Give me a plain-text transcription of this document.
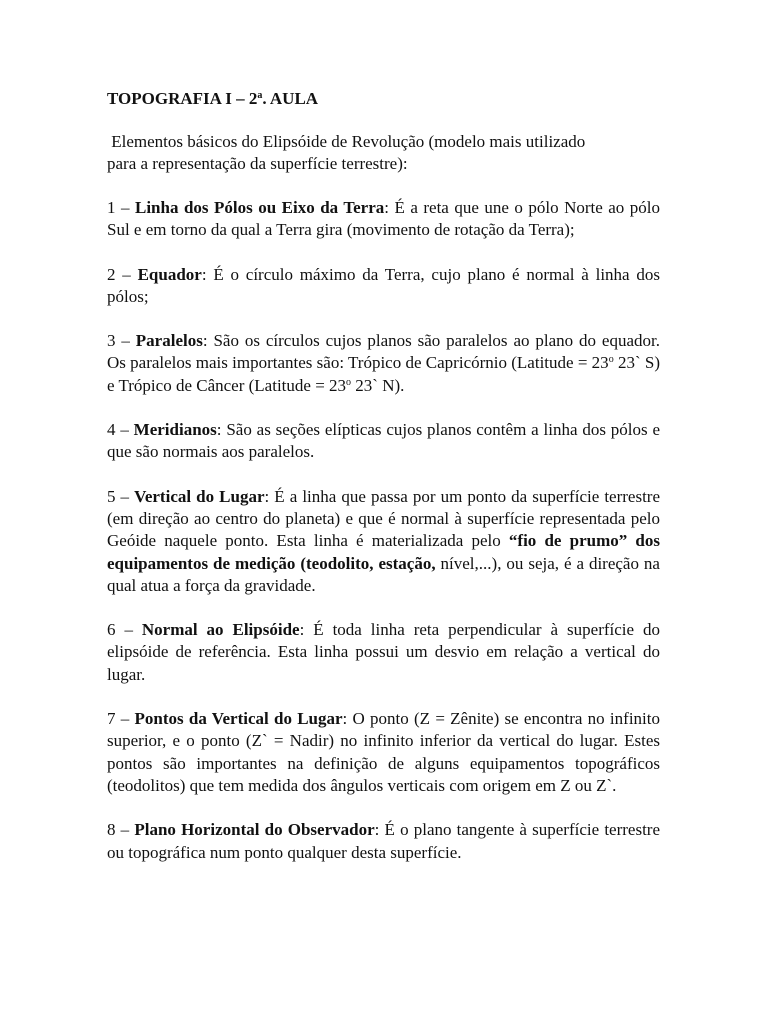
TOPOGRAFIA I – 2$^a$. AULA

Elementos básicos do Elipsóide de Revolução (modelo mais utilizado
para a representação da superfície terrestre):

1 – Linha dos Pólos ou Eixo da Terra: É a reta que une o pólo Norte ao pólo Sul e em torno da qual a Terra gira (movimento de rotação da Terra);

2 – Equador: É o círculo máximo da Terra, cujo plano é normal à linha dos pólos;

3 – Paralelos: São os círculos cujos planos são paralelos ao plano do equador. Os paralelos mais importantes são: Trópico de Capricórnio (Latitude = $23^o$ 23` S) e Trópico de Câncer (Latitude = $23^o$ 23` N).

4 – Meridianos: São as seções elípticas cujos planos contêm a linha dos pólos e que são normais aos paralelos.

5 – Vertical do Lugar: É a linha que passa por um ponto da superfície terrestre (em direção ao centro do planeta) e que é normal à superfície representada pelo Geóide naquele ponto. Esta linha é materializada pelo “fio de prumo” dos equipamentos de medição (teodolito, estação, nível,...), ou seja, é a direção na qual atua a força da gravidade.

6 – Normal ao Elipsóide: É toda linha reta perpendicular à superfície do elipsóide de referência. Esta linha possui um desvio em relação a vertical do lugar.

7 – Pontos da Vertical do Lugar: O ponto (Z = Zênite) se encontra no infinito superior, e o ponto (Z` = Nadir) no infinito inferior da vertical do lugar. Estes pontos são importantes na definição de alguns equipamentos topográficos (teodolitos) que tem medida dos ângulos verticais com origem em Z ou Z`.

8 – Plano Horizontal do Observador: É o plano tangente à superfície terrestre ou topográfica num ponto qualquer desta superfície.
